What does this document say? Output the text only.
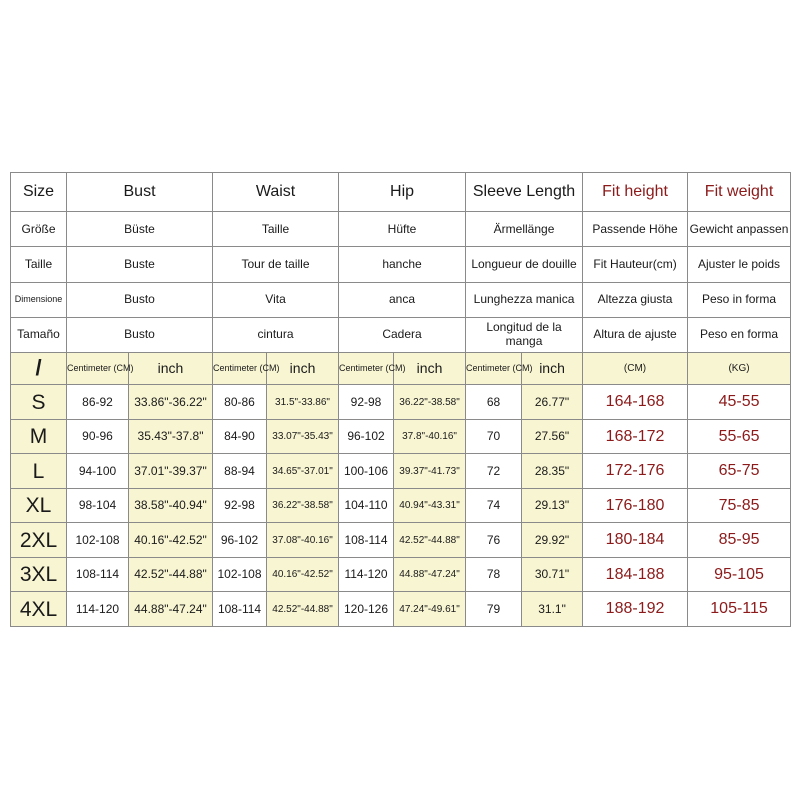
Size	Bust		Waist		Hip		Sleeve Length		Fit height	Fit weight
Größe	Büste		Taille		Hüfte		Ärmellänge		Passende Höhe	Gewicht anpassen
Taille	Buste		Tour de taille		hanche		Longueur de douille		Fit Hauteur(cm)	Ajuster le poids
Dimensione	Busto		Vita		anca		Lunghezza manica		Altezza giusta	Peso in forma
Tamaño	Busto		cintura		Cadera		Longitud de la manga		Altura de ajuste	Peso en forma
/	Centimeter (CM)	inch	Centimeter (CM)	inch	Centimeter (CM)	inch	Centimeter (CM)	inch	(CM)	(KG)
S	86-92	33.86"-36.22"	80-86	31.5"-33.86"	92-98	36.22"-38.58"	68	26.77"	164-168	45-55
M	90-96	35.43"-37.8"	84-90	33.07"-35.43"	96-102	37.8"-40.16"	70	27.56"	168-172	55-65
L	94-100	37.01"-39.37"	88-94	34.65"-37.01"	100-106	39.37"-41.73"	72	28.35"	172-176	65-75
XL	98-104	38.58"-40.94"	92-98	36.22"-38.58"	104-110	40.94"-43.31"	74	29.13"	176-180	75-85
2XL	102-108	40.16"-42.52"	96-102	37.08"-40.16"	108-114	42.52"-44.88"	76	29.92"	180-184	85-95
3XL	108-114	42.52"-44.88"	102-108	40.16"-42.52"	114-120	44.88"-47.24"	78	30.71"	184-188	95-105
4XL	114-120	44.88"-47.24"	108-114	42.52"-44.88"	120-126	47.24"-49.61"	79	31.1"	188-192	105-115
